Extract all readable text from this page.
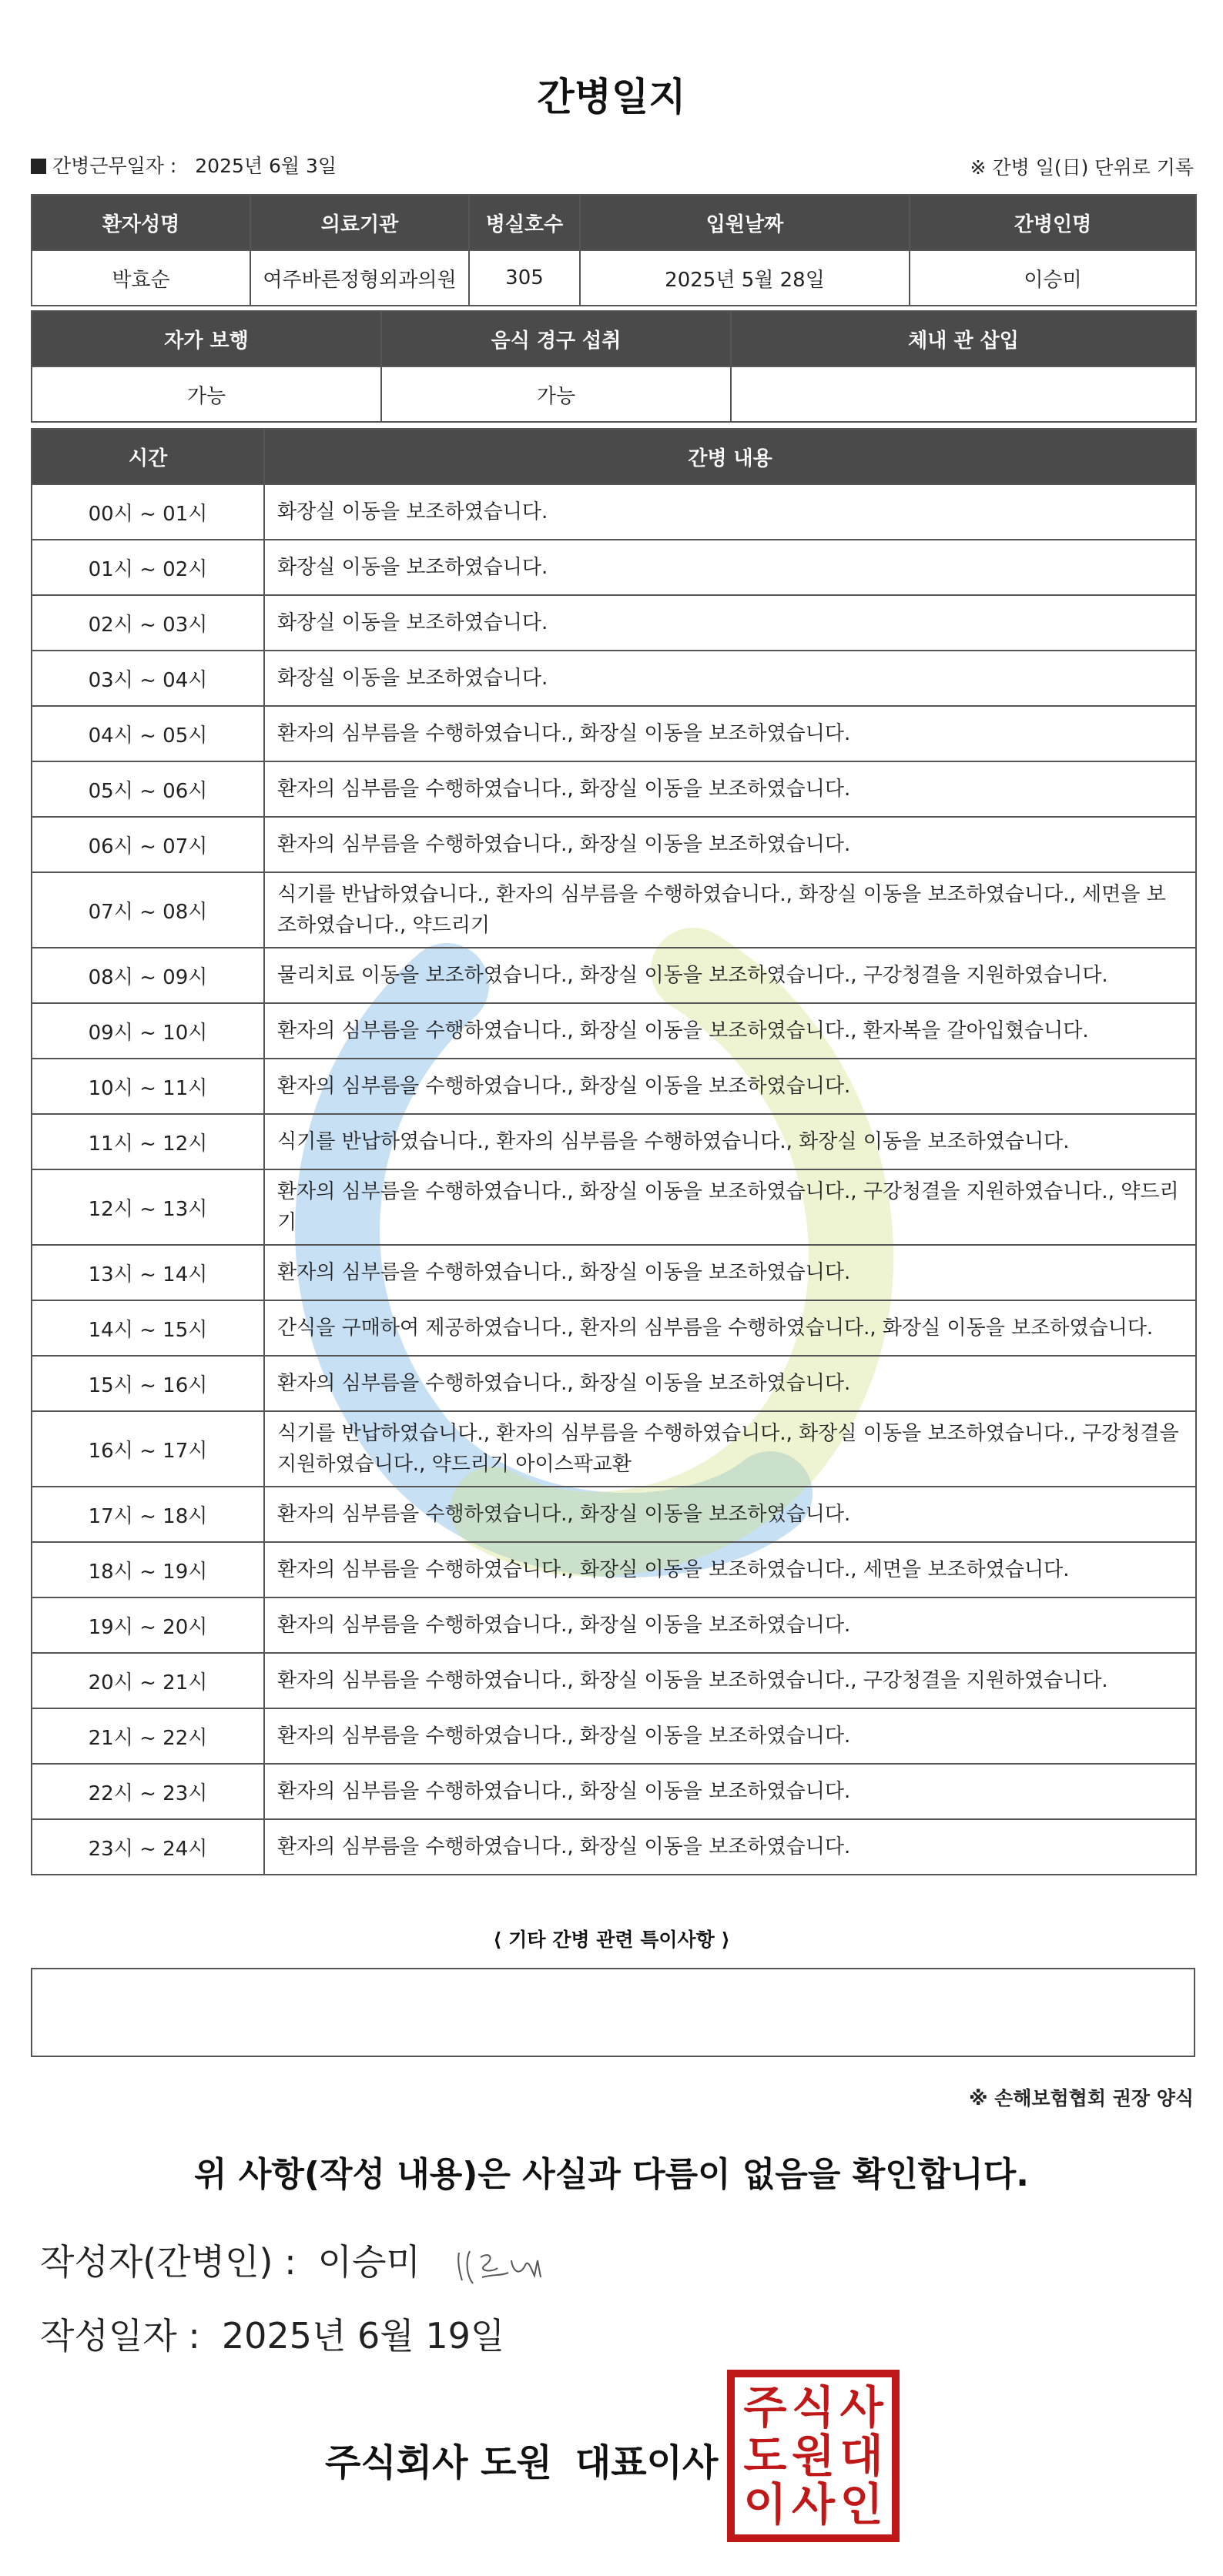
간병일지
간병근무일자 : 2025년 6월 3일	※ 간병 일(日) 단위로 기록
환자성명	의료기관	병실호수	입원날짜	간병인명
박효순	여주바른정형외과의원	305	2025년 5월 28일	이승미
자가 보행	음식 경구 섭취	체내 관 삽입
가능	가능	
시간	간병 내용
00시 ~ 01시	화장실 이동을 보조하였습니다.
01시 ~ 02시	화장실 이동을 보조하였습니다.
02시 ~ 03시	화장실 이동을 보조하였습니다.
03시 ~ 04시	화장실 이동을 보조하였습니다.
04시 ~ 05시	환자의 심부름을 수행하였습니다., 화장실 이동을 보조하였습니다.
05시 ~ 06시	환자의 심부름을 수행하였습니다., 화장실 이동을 보조하였습니다.
06시 ~ 07시	환자의 심부름을 수행하였습니다., 화장실 이동을 보조하였습니다.
07시 ~ 08시	식기를 반납하였습니다., 환자의 심부름을 수행하였습니다., 화장실 이동을 보조하였습니다., 세면을 보조하였습니다., 약드리기
08시 ~ 09시	물리치료 이동을 보조하였습니다., 화장실 이동을 보조하였습니다., 구강청결을 지원하였습니다.
09시 ~ 10시	환자의 심부름을 수행하였습니다., 화장실 이동을 보조하였습니다., 환자복을 갈아입혔습니다.
10시 ~ 11시	환자의 심부름을 수행하였습니다., 화장실 이동을 보조하였습니다.
11시 ~ 12시	식기를 반납하였습니다., 환자의 심부름을 수행하였습니다., 화장실 이동을 보조하였습니다.
12시 ~ 13시	환자의 심부름을 수행하였습니다., 화장실 이동을 보조하였습니다., 구강청결을 지원하였습니다., 약드리기
13시 ~ 14시	환자의 심부름을 수행하였습니다., 화장실 이동을 보조하였습니다.
14시 ~ 15시	간식을 구매하여 제공하였습니다., 환자의 심부름을 수행하였습니다., 화장실 이동을 보조하였습니다.
15시 ~ 16시	환자의 심부름을 수행하였습니다., 화장실 이동을 보조하였습니다.
16시 ~ 17시	식기를 반납하였습니다., 환자의 심부름을 수행하였습니다., 화장실 이동을 보조하였습니다., 구강청결을 지원하였습니다., 약드리기 아이스팍교환
17시 ~ 18시	환자의 심부름을 수행하였습니다., 화장실 이동을 보조하였습니다.
18시 ~ 19시	환자의 심부름을 수행하였습니다., 화장실 이동을 보조하였습니다., 세면을 보조하였습니다.
19시 ~ 20시	환자의 심부름을 수행하였습니다., 화장실 이동을 보조하였습니다.
20시 ~ 21시	환자의 심부름을 수행하였습니다., 화장실 이동을 보조하였습니다., 구강청결을 지원하였습니다.
21시 ~ 22시	환자의 심부름을 수행하였습니다., 화장실 이동을 보조하였습니다.
22시 ~ 23시	환자의 심부름을 수행하였습니다., 화장실 이동을 보조하였습니다.
23시 ~ 24시	환자의 심부름을 수행하였습니다., 화장실 이동을 보조하였습니다.
⟨ 기타 간병 관련 특이사항 ⟩
※ 손해보험협회 권장 양식
위 사항(작성 내용)은 사실과 다름이 없음을 확인합니다.
작성자(간병인) : 이승미
작성일자 : 2025년 6월 19일
주식회사 도원 대표이사
주 식 사
도 원 대
이 사 인
